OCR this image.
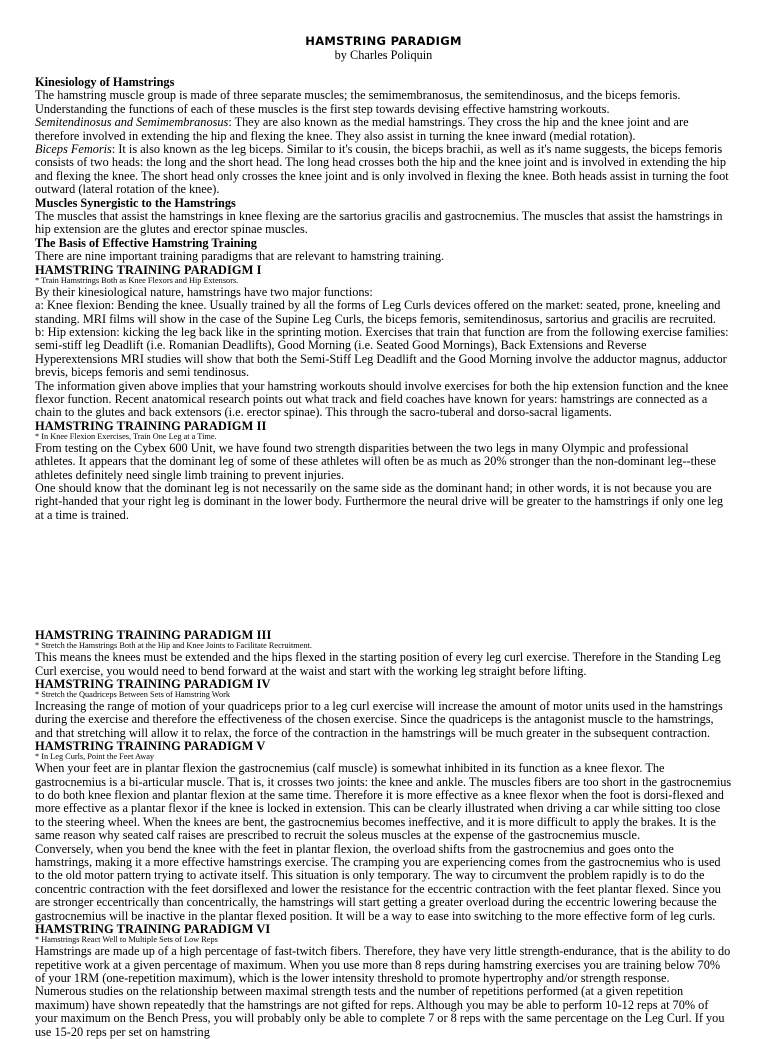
HAMSTRING PARADIGM
by Charles Poliquin
Kinesiology of Hamstrings

The hamstring muscle group is made of three separate muscles; the semimembranosus, the semitendinosus, and the biceps femoris. Understanding the functions of each of these muscles is the first step towards devising effective hamstring workouts.

Semitendinosus and Semimembranosus: They are also known as the medial hamstrings. They cross the hip and the knee joint and are therefore involved in extending the hip and flexing the knee. They also assist in turning the knee inward (medial rotation).

Biceps Femoris: It is also known as the leg biceps. Similar to it's cousin, the biceps brachii, as well as it's name suggests, the biceps femoris consists of two heads: the long and the short head. The long head crosses both the hip and the knee joint and is involved in extending the hip and flexing the knee. The short head only crosses the knee joint and is only involved in flexing the knee. Both heads assist in turning the foot outward (lateral rotation of the knee).

Muscles Synergistic to the Hamstrings

The muscles that assist the hamstrings in knee flexing are the sartorius gracilis and gastrocnemius. The muscles that assist the hamstrings in hip extension are the glutes and erector spinae muscles.

The Basis of Effective Hamstring Training

There are nine important training paradigms that are relevant to hamstring training.

HAMSTRING TRAINING PARADIGM I
* Train Hamstrings Both as Knee Flexors and Hip Extensors.

By their kinesiological nature, hamstrings have two major functions:

a: Knee flexion: Bending the knee. Usually trained by all the forms of Leg Curls devices offered on the market: seated, prone, kneeling and standing. MRI films will show in the case of the Supine Leg Curls, the biceps femoris, semitendinosus, sartorius and gracilis are recruited.

b: Hip extension: kicking the leg back like in the sprinting motion. Exercises that train that function are from the following exercise families: semi-stiff leg Deadlift (i.e. Romanian Deadlifts), Good Morning (i.e. Seated Good Mornings), Back Extensions and Reverse Hyperextensions MRI studies will show that both the Semi-Stiff Leg Deadlift and the Good Morning involve the adductor magnus, adductor brevis, biceps femoris and semi tendinosus.

The information given above implies that your hamstring workouts should involve exercises for both the hip extension function and the knee flexor function. Recent anatomical research points out what track and field coaches have known for years: hamstrings are connected as a chain to the glutes and back extensors (i.e. erector spinae). This through the sacro-tuberal and dorso-sacral ligaments.

HAMSTRING TRAINING PARADIGM II
* In Knee Flexion Exercises, Train One Leg at a Time.

From testing on the Cybex 600 Unit, we have found two strength disparities between the two legs in many Olympic and professional athletes. It appears that the dominant leg of some of these athletes will often be as much as 20% stronger than the non-dominant leg--these athletes definitely need single limb training to prevent injuries.

One should know that the dominant leg is not necessarily on the same side as the dominant hand; in other words, it is not because you are right-handed that your right leg is dominant in the lower body. Furthermore the neural drive will be greater to the hamstrings if only one leg at a time is trained.

HAMSTRING TRAINING PARADIGM III
* Stretch the Hamstrings Both at the Hip and Knee Joints to Facilitate Recruitment.

This means the knees must be extended and the hips flexed in the starting position of every leg curl exercise. Therefore in the Standing Leg Curl exercise, you would need to bend forward at the waist and start with the working leg straight before lifting.

HAMSTRING TRAINING PARADIGM IV
* Stretch the Quadriceps Between Sets of Hamstring Work

Increasing the range of motion of your quadriceps prior to a leg curl exercise will increase the amount of motor units used in the hamstrings during the exercise and therefore the effectiveness of the chosen exercise. Since the quadriceps is the antagonist muscle to the hamstrings, and that stretching will allow it to relax, the force of the contraction in the hamstrings will be much greater in the subsequent contraction.

HAMSTRING TRAINING PARADIGM V
* In Leg Curls, Point the Feet Away

When your feet are in plantar flexion the gastrocnemius (calf muscle) is somewhat inhibited in its function as a knee flexor. The gastrocnemius is a bi-articular muscle. That is, it crosses two joints: the knee and ankle. The muscles fibers are too short in the gastrocnemius to do both knee flexion and plantar flexion at the same time. Therefore it is more effective as a knee flexor when the foot is dorsi-flexed and more effective as a plantar flexor if the knee is locked in extension. This can be clearly illustrated when driving a car while sitting too close to the steering wheel. When the knees are bent, the gastrocnemius becomes ineffective, and it is more difficult to apply the brakes. It is the same reason why seated calf raises are prescribed to recruit the soleus muscles at the expense of the gastrocnemius muscle.

Conversely, when you bend the knee with the feet in plantar flexion, the overload shifts from the gastrocnemius and goes onto the hamstrings, making it a more effective hamstrings exercise. The cramping you are experiencing comes from the gastrocnemius who is used to the old motor pattern trying to activate itself. This situation is only temporary. The way to circumvent the problem rapidly is to do the concentric contraction with the feet dorsiflexed and lower the resistance for the eccentric contraction with the feet plantar flexed. Since you are stronger eccentrically than concentrically, the hamstrings will start getting a greater overload during the eccentric lowering because the gastrocnemius will be inactive in the plantar flexed position. It will be a way to ease into switching to the more effective form of leg curls.

HAMSTRING TRAINING PARADIGM VI
* Hamstrings React Well to Multiple Sets of Low Reps

Hamstrings are made up of a high percentage of fast-twitch fibers. Therefore, they have very little strength-endurance, that is the ability to do repetitive work at a given percentage of maximum. When you use more than 8 reps during hamstring exercises you are training below 70% of your 1RM (one-repetition maximum), which is the lower intensity threshold to promote hypertrophy and/or strength response.

Numerous studies on the relationship between maximal strength tests and the number of repetitions performed (at a given repetition maximum) have shown repeatedly that the hamstrings are not gifted for reps. Although you may be able to perform 10-12 reps at 70% of your maximum on the Bench Press, you will probably only be able to complete 7 or 8 reps with the same percentage on the Leg Curl. If you use 15-20 reps per set on hamstring
